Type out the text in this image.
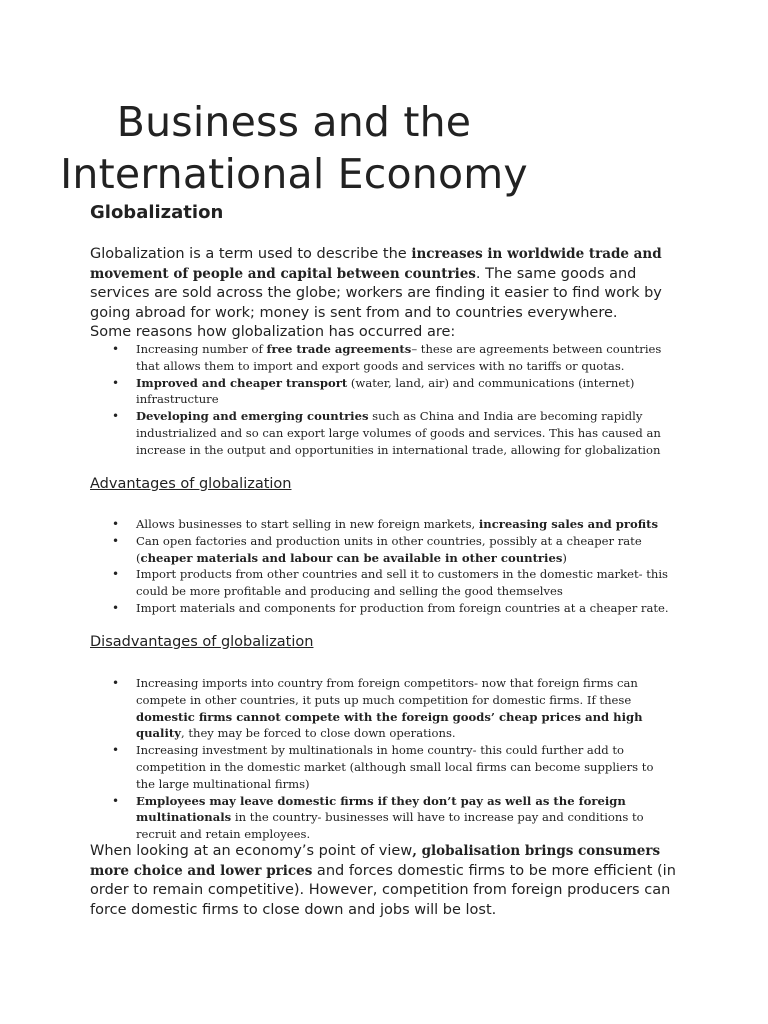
Business and the
International Economy
Globalization
Globalization is a term used to describe the increases in worldwide trade and movement of people and capital between countries. The same goods and services are sold across the globe; workers are finding it easier to find work by going abroad for work; money is sent from and to countries everywhere.
Some reasons how globalization has occurred are:
• Increasing number of free trade agreements– these are agreements between countries that allows them to import and export goods and services with no tariffs or quotas.
• Improved and cheaper transport (water, land, air) and communications (internet) infrastructure
• Developing and emerging countries such as China and India are becoming rapidly industrialized and so can export large volumes of goods and services. This has caused an increase in the output and opportunities in international trade, allowing for globalization
Advantages of globalization
• Allows businesses to start selling in new foreign markets, increasing sales and profits
• Can open factories and production units in other countries, possibly at a cheaper rate (cheaper materials and labour can be available in other countries)
• Import products from other countries and sell it to customers in the domestic market- this could be more profitable and producing and selling the good themselves
• Import materials and components for production from foreign countries at a cheaper rate.
Disadvantages of globalization
• Increasing imports into country from foreign competitors- now that foreign firms can compete in other countries, it puts up much competition for domestic firms. If these domestic firms cannot compete with the foreign goods’ cheap prices and high quality, they may be forced to close down operations.
• Increasing investment by multinationals in home country- this could further add to competition in the domestic market (although small local firms can become suppliers to the large multinational firms)
• Employees may leave domestic firms if they don’t pay as well as the foreign multinationals in the country- businesses will have to increase pay and conditions to recruit and retain employees.
When looking at an economy’s point of view, globalisation brings consumers more choice and lower prices and forces domestic firms to be more efficient (in order to remain competitive). However, competition from foreign producers can force domestic firms to close down and jobs will be lost.
